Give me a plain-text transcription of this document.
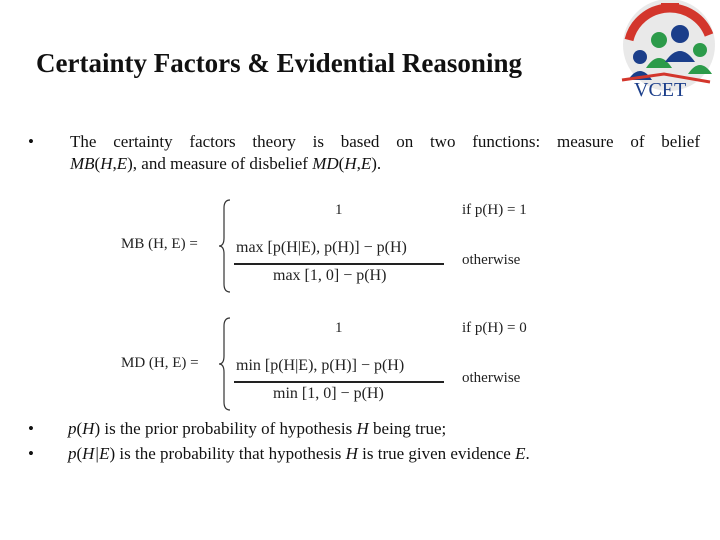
Certainty Factors & Evidential Reasoning
VCET
• The certainty factors theory is based on two functions: measure of belief
MB(H,E), and measure of disbelief MD(H,E).
MB (H, E) =
1	if p(H) = 1
max [p(H|E), p(H)] − p(H)
max [1, 0] − p(H)
otherwise
MD (H, E) =
1	if p(H) = 0
min [p(H|E), p(H)] − p(H)
min [1, 0] − p(H)
otherwise
• p(H) is the prior probability of hypothesis H being true;
• p(H|E) is the probability that hypothesis H is true given evidence E.
